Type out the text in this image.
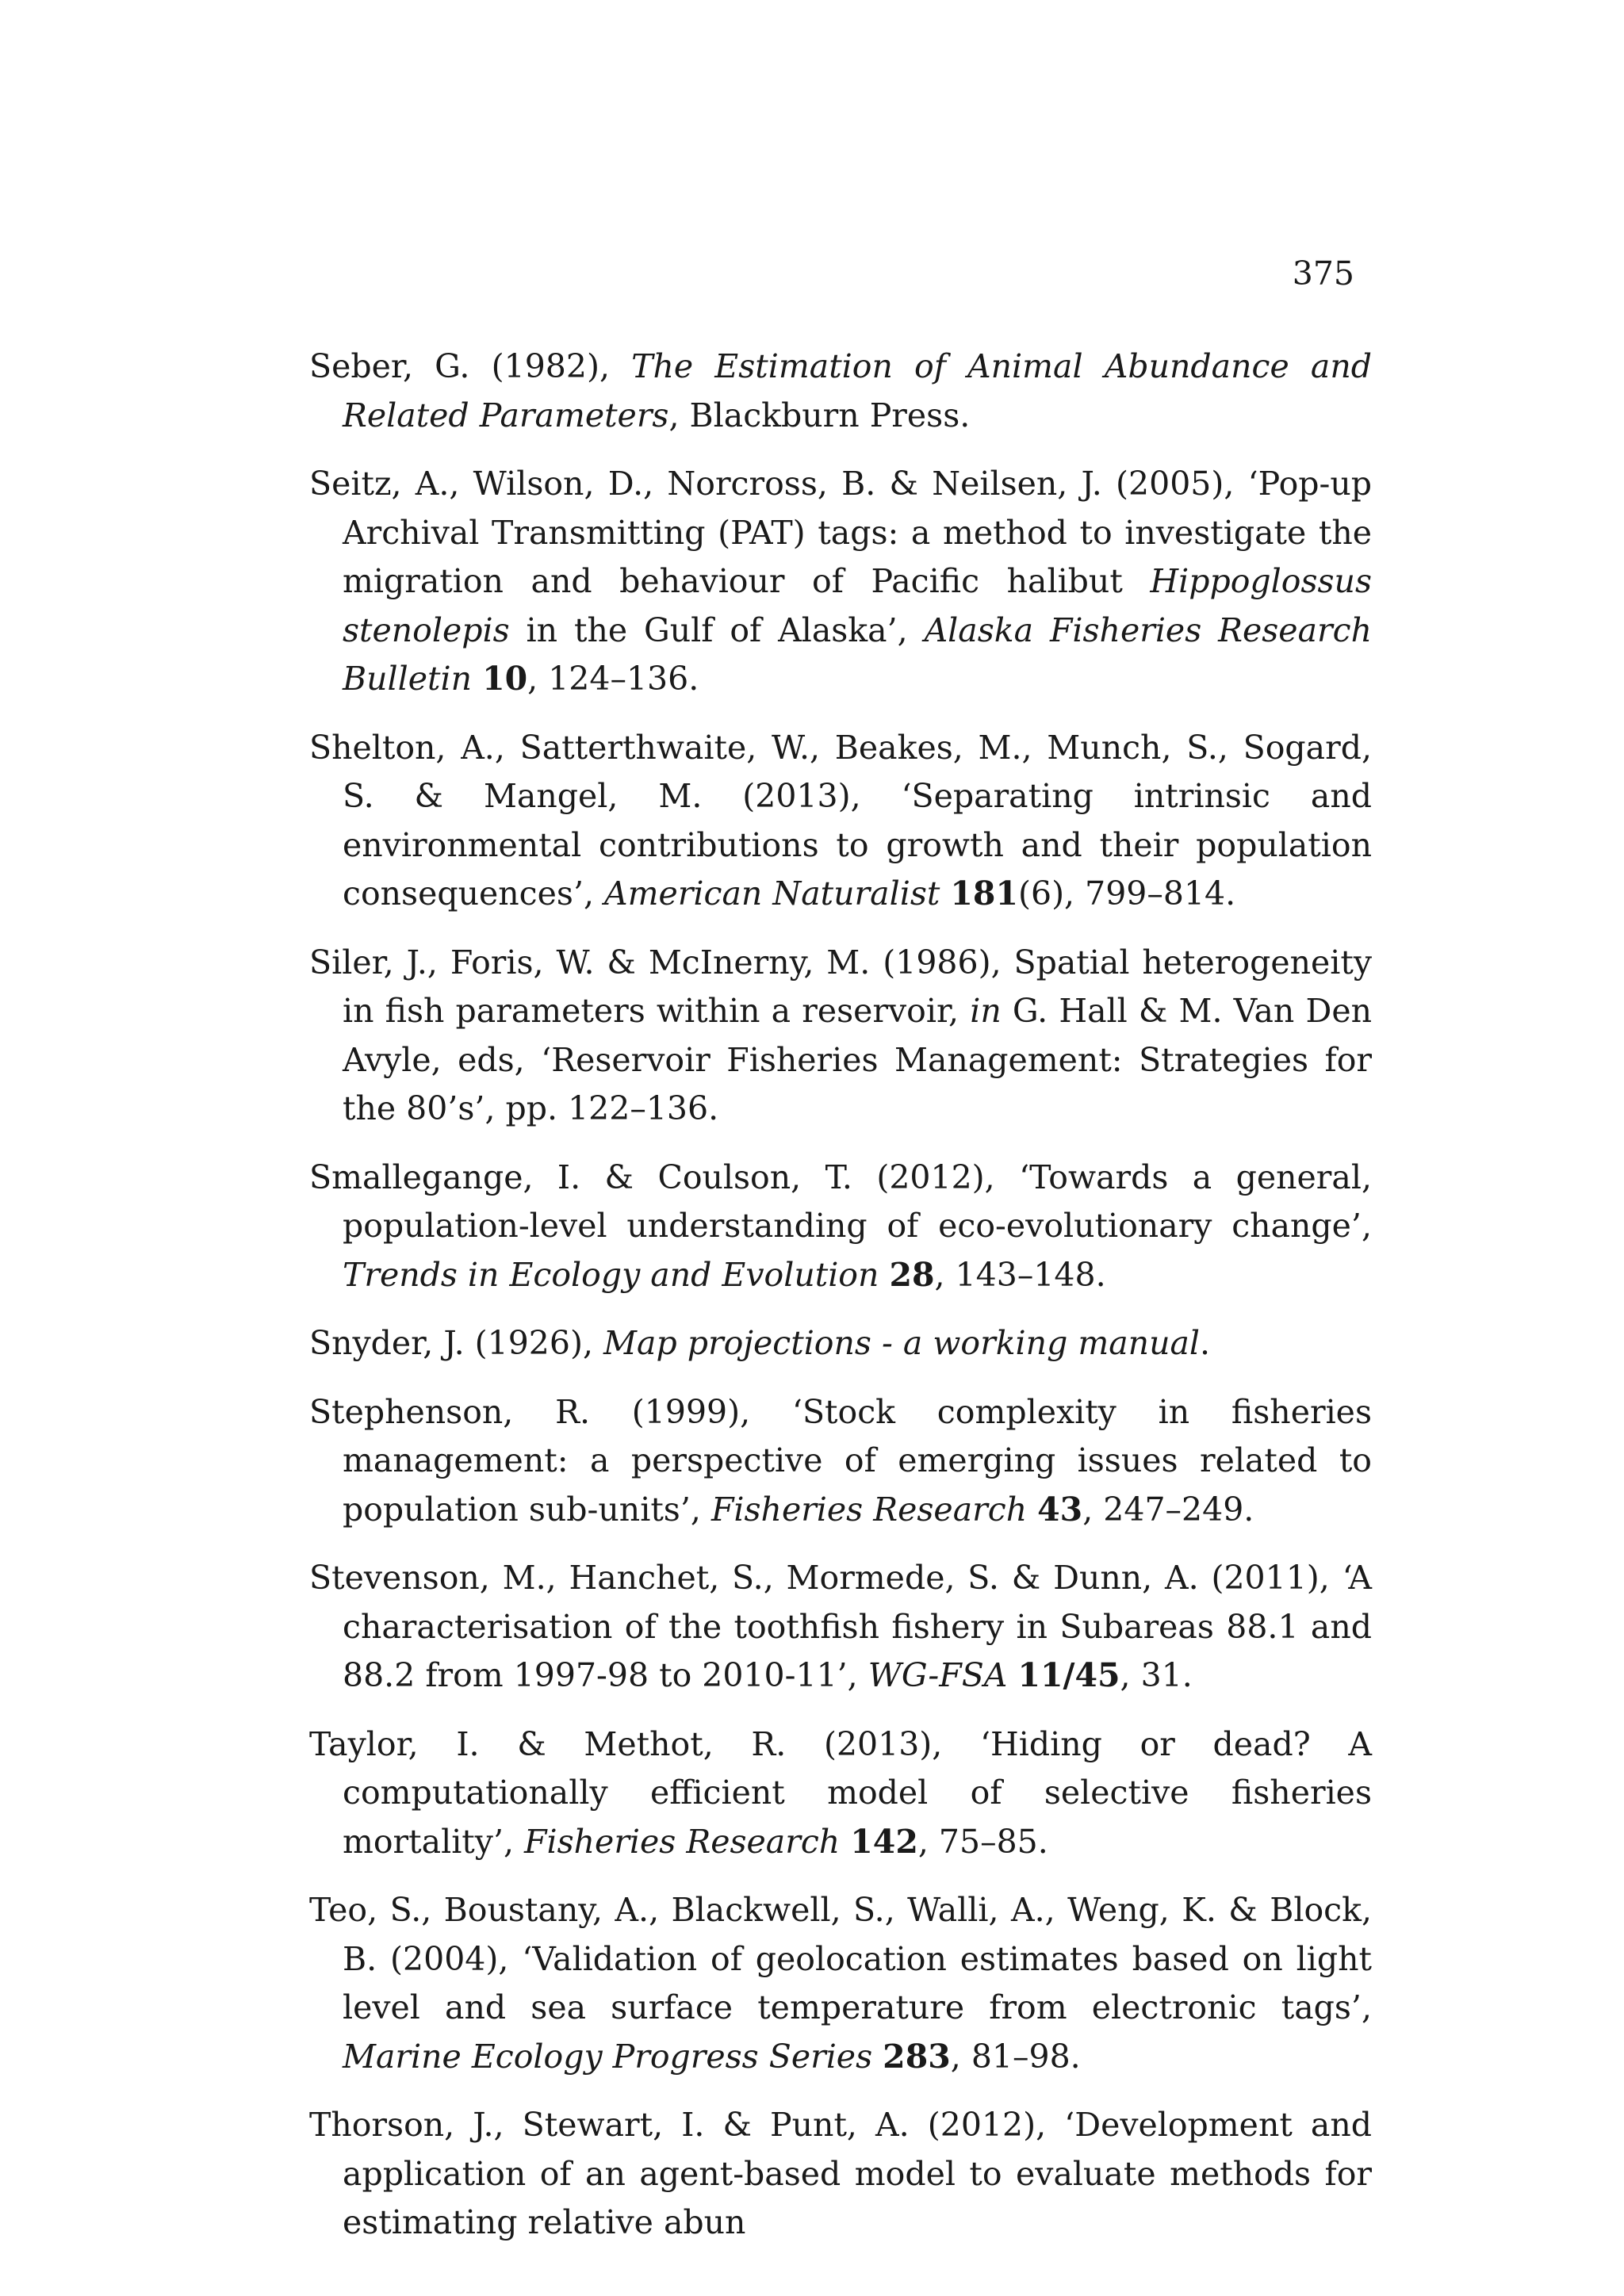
375

Seber, G. (1982), The Estimation of Animal Abundance and Related Parameters, Blackburn Press.

Seitz, A., Wilson, D., Norcross, B. & Neilsen, J. (2005), ‘Pop-up Archival Transmitting (PAT) tags: a method to investigate the migration and behaviour of Pacific halibut Hippoglossus stenolepis in the Gulf of Alaska’, Alaska Fisheries Research Bulletin 10, 124–136.

Shelton, A., Satterthwaite, W., Beakes, M., Munch, S., Sogard, S. & Mangel, M. (2013), ‘Separating intrinsic and environmental contributions to growth and their population consequences’, American Naturalist 181(6), 799–814.

Siler, J., Foris, W. & McInerny, M. (1986), Spatial heterogeneity in fish parameters within a reservoir, in G. Hall & M. Van Den Avyle, eds, ‘Reservoir Fisheries Management: Strategies for the 80’s’, pp. 122–136.

Smallegange, I. & Coulson, T. (2012), ‘Towards a general, population-level understanding of eco-evolutionary change’, Trends in Ecology and Evolution 28, 143–148.

Snyder, J. (1926), Map projections - a working manual.

Stephenson, R. (1999), ‘Stock complexity in fisheries management: a perspective of emerging issues related to population sub-units’, Fisheries Research 43, 247–249.

Stevenson, M., Hanchet, S., Mormede, S. & Dunn, A. (2011), ‘A characterisation of the toothfish fishery in Subareas 88.1 and 88.2 from 1997-98 to 2010-11’, WG-FSA 11/45, 31.

Taylor, I. & Methot, R. (2013), ‘Hiding or dead? A computationally efficient model of selective fisheries mortality’, Fisheries Research 142, 75–85.

Teo, S., Boustany, A., Blackwell, S., Walli, A., Weng, K. & Block, B. (2004), ‘Validation of geolocation estimates based on light level and sea surface temperature from electronic tags’, Marine Ecology Progress Series 283, 81–98.

Thorson, J., Stewart, I. & Punt, A. (2012), ‘Development and application of an agent-based model to evaluate methods for estimating relative abun
